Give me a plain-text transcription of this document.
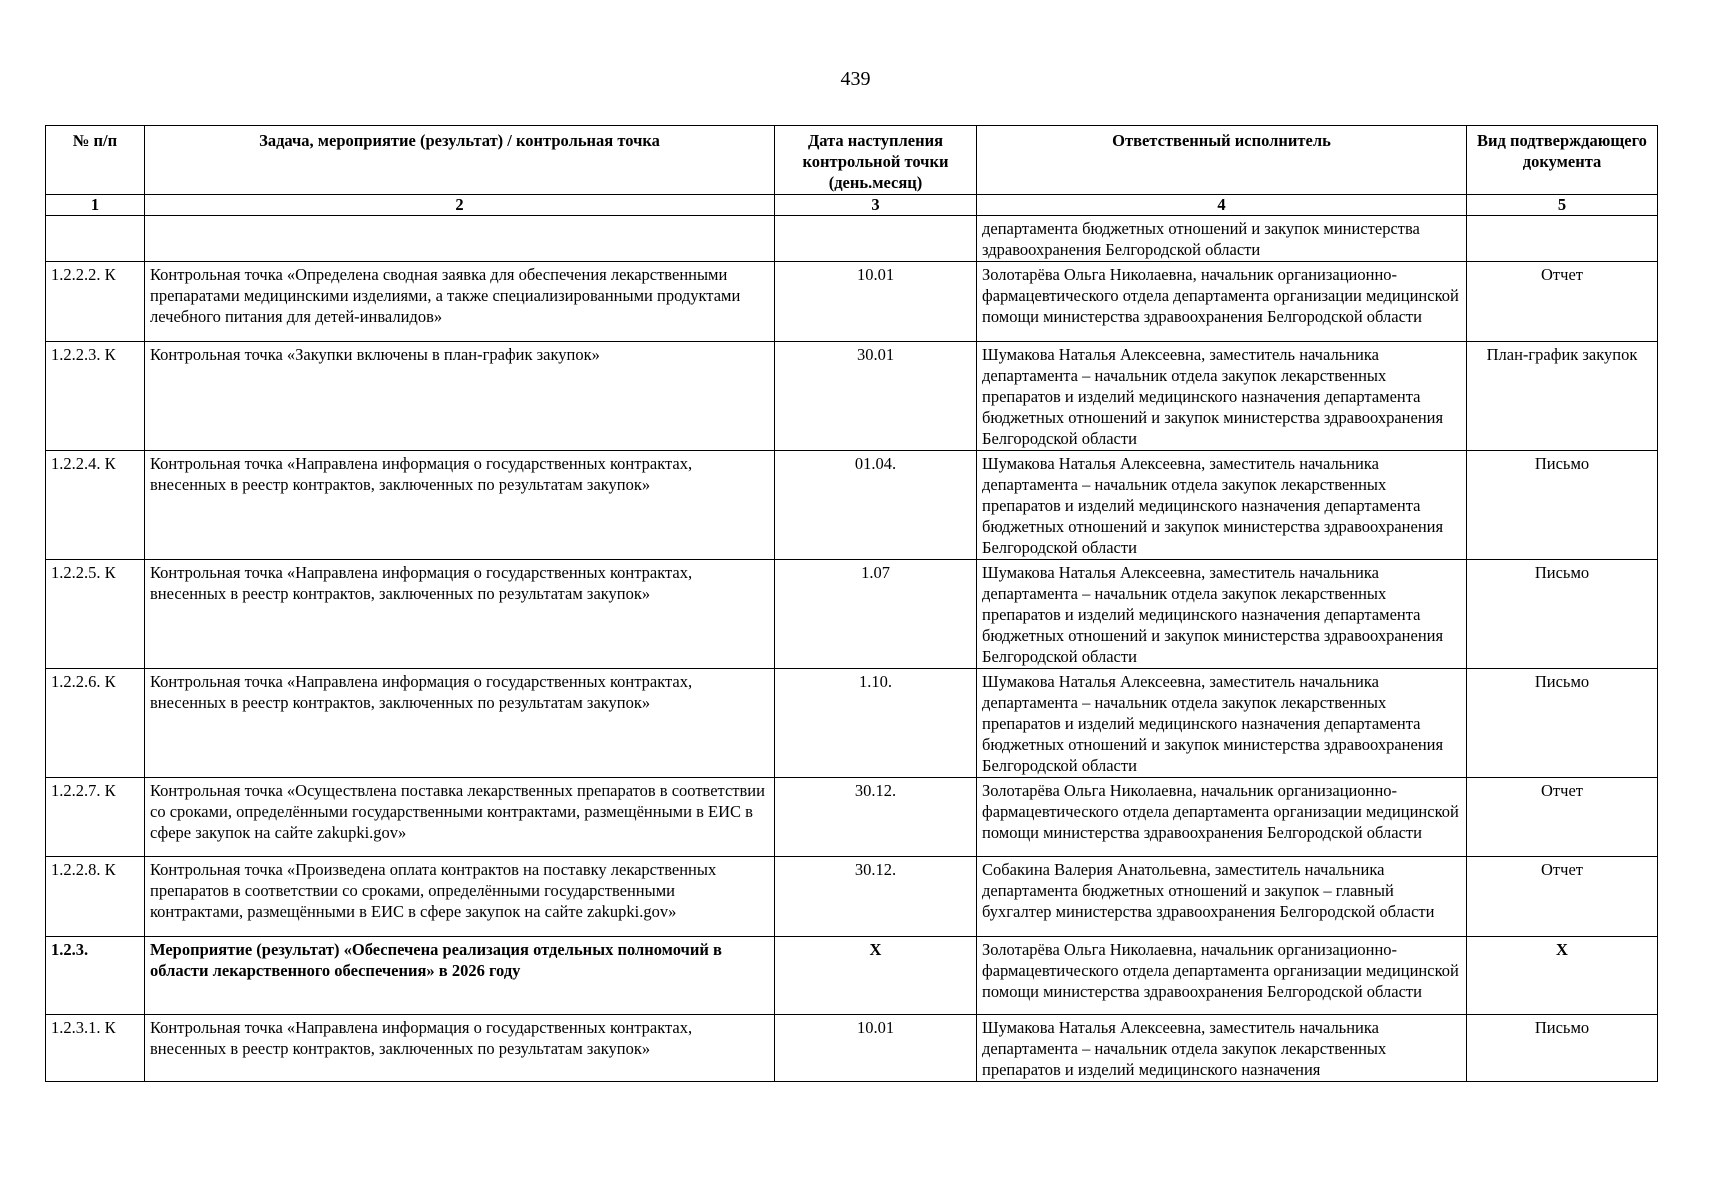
439
№ п/п	Задача, мероприятие (результат) / контрольная точка	Дата наступления контрольной точки (день.месяц)	Ответственный исполнитель	Вид подтверждающего документа
1	2	3	4	5
			департамента бюджетных отношений и закупок министерства здравоохранения Белгородской области	
1.2.2.2. К	Контрольная точка «Определена сводная заявка для обеспечения лекарственными препаратами медицинскими изделиями, а также специализированными продуктами лечебного питания для детей-инвалидов»	10.01	Золотарёва Ольга Николаевна, начальник организационно-фармацевтического отдела департамента организации медицинской помощи министерства здравоохранения Белгородской области	Отчет
1.2.2.3. К	Контрольная точка «Закупки включены в план-график закупок»	30.01	Шумакова Наталья Алексеевна, заместитель начальника департамента – начальник отдела закупок лекарственных препаратов и изделий медицинского назначения департамента бюджетных отношений и закупок министерства здравоохранения Белгородской области	План-график закупок
1.2.2.4. К	Контрольная точка «Направлена информация о государственных контрактах, внесенных в реестр контрактов, заключенных по результатам закупок»	01.04.	Шумакова Наталья Алексеевна, заместитель начальника департамента – начальник отдела закупок лекарственных препаратов и изделий медицинского назначения департамента бюджетных отношений и закупок министерства здравоохранения Белгородской области	Письмо
1.2.2.5. К	Контрольная точка «Направлена информация о государственных контрактах, внесенных в реестр контрактов, заключенных по результатам закупок»	1.07	Шумакова Наталья Алексеевна, заместитель начальника департамента – начальник отдела закупок лекарственных препаратов и изделий медицинского назначения департамента бюджетных отношений и закупок министерства здравоохранения Белгородской области	Письмо
1.2.2.6. К	Контрольная точка «Направлена информация о государственных контрактах, внесенных в реестр контрактов, заключенных по результатам закупок»	1.10.	Шумакова Наталья Алексеевна, заместитель начальника департамента – начальник отдела закупок лекарственных препаратов и изделий медицинского назначения департамента бюджетных отношений и закупок министерства здравоохранения Белгородской области	Письмо
1.2.2.7. К	Контрольная точка «Осуществлена поставка лекарственных препаратов в соответствии со сроками, определёнными государственными контрактами, размещёнными в ЕИС в сфере закупок на сайте zakupki.gov»	30.12.	Золотарёва Ольга Николаевна, начальник организационно-фармацевтического отдела департамента организации медицинской помощи министерства здравоохранения Белгородской области	Отчет
1.2.2.8. К	Контрольная точка «Произведена оплата контрактов на поставку лекарственных препаратов в соответствии со сроками, определёнными государственными контрактами, размещёнными в ЕИС в сфере закупок на сайте zakupki.gov»	30.12.	Собакина Валерия Анатольевна, заместитель начальника департамента бюджетных отношений и закупок – главный бухгалтер министерства здравоохранения Белгородской области	Отчет
1.2.3.	Мероприятие (результат) «Обеспечена реализация отдельных полномочий в области лекарственного обеспечения» в 2026 году	Х	Золотарёва Ольга Николаевна, начальник организационно-фармацевтического отдела департамента организации медицинской помощи министерства здравоохранения Белгородской области	Х
1.2.3.1. К	Контрольная точка «Направлена информация о государственных контрактах, внесенных в реестр контрактов, заключенных по результатам закупок»	10.01	Шумакова Наталья Алексеевна, заместитель начальника департамента – начальник отдела закупок лекарственных препаратов и изделий медицинского назначения	Письмо
